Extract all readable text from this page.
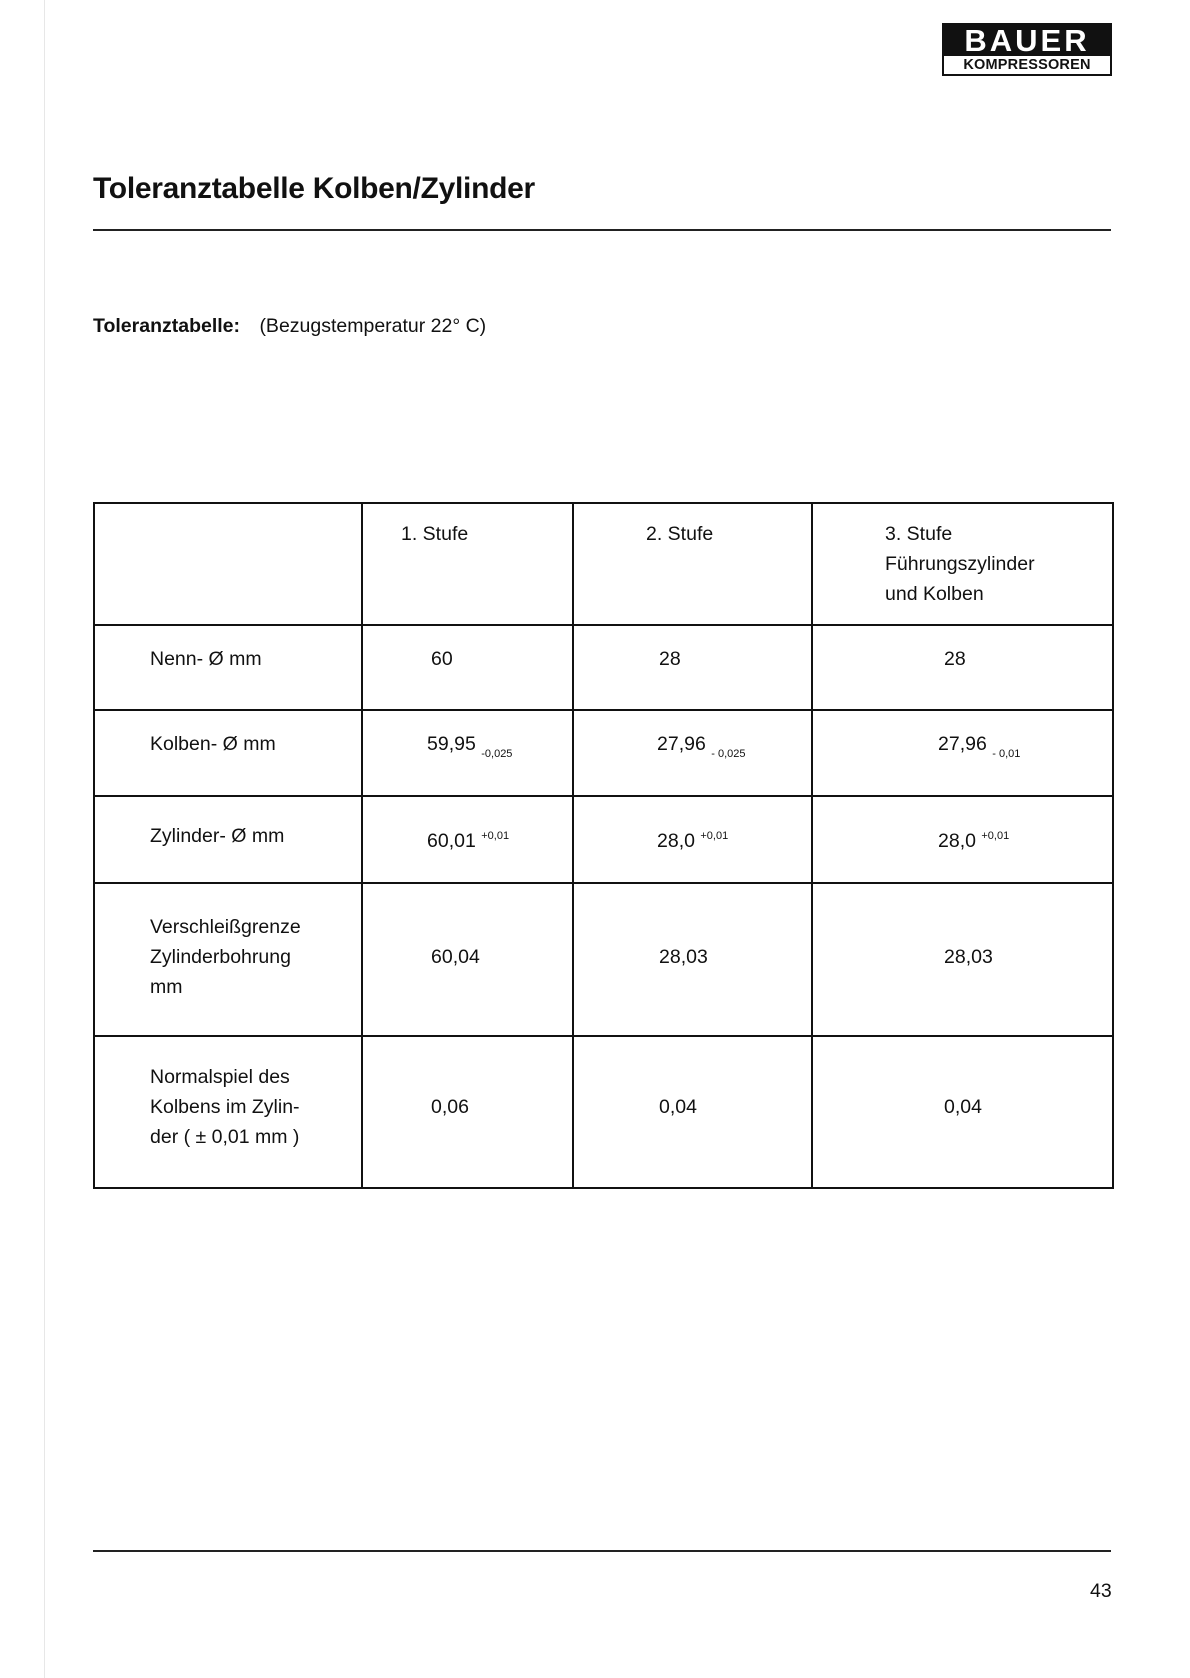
BAUER
KOMPRESSOREN
Toleranztabelle Kolben/Zylinder
Toleranztabelle: (Bezugstemperatur 22° C)

	1. Stufe	2. Stufe	3. Stufe
Führungszylinder
und Kolben

Nenn- Ø mm	60	28	28

Kolben- Ø mm	59,95 $_{-0,025}$	27,96 $_{- 0,025}$	27,96 $_{- 0,01}$

Zylinder- Ø mm	60,01 $^{+0,01}$	28,0 $^{+0,01}$	28,0 $^{+0,01}$

Verschleißgrenze
Zylinderbohrung
mm	60,04	28,03	28,03

Normalspiel des
Kolbens im Zylin-
der ( ± 0,01 mm )	0,06	0,04	0,04
43
